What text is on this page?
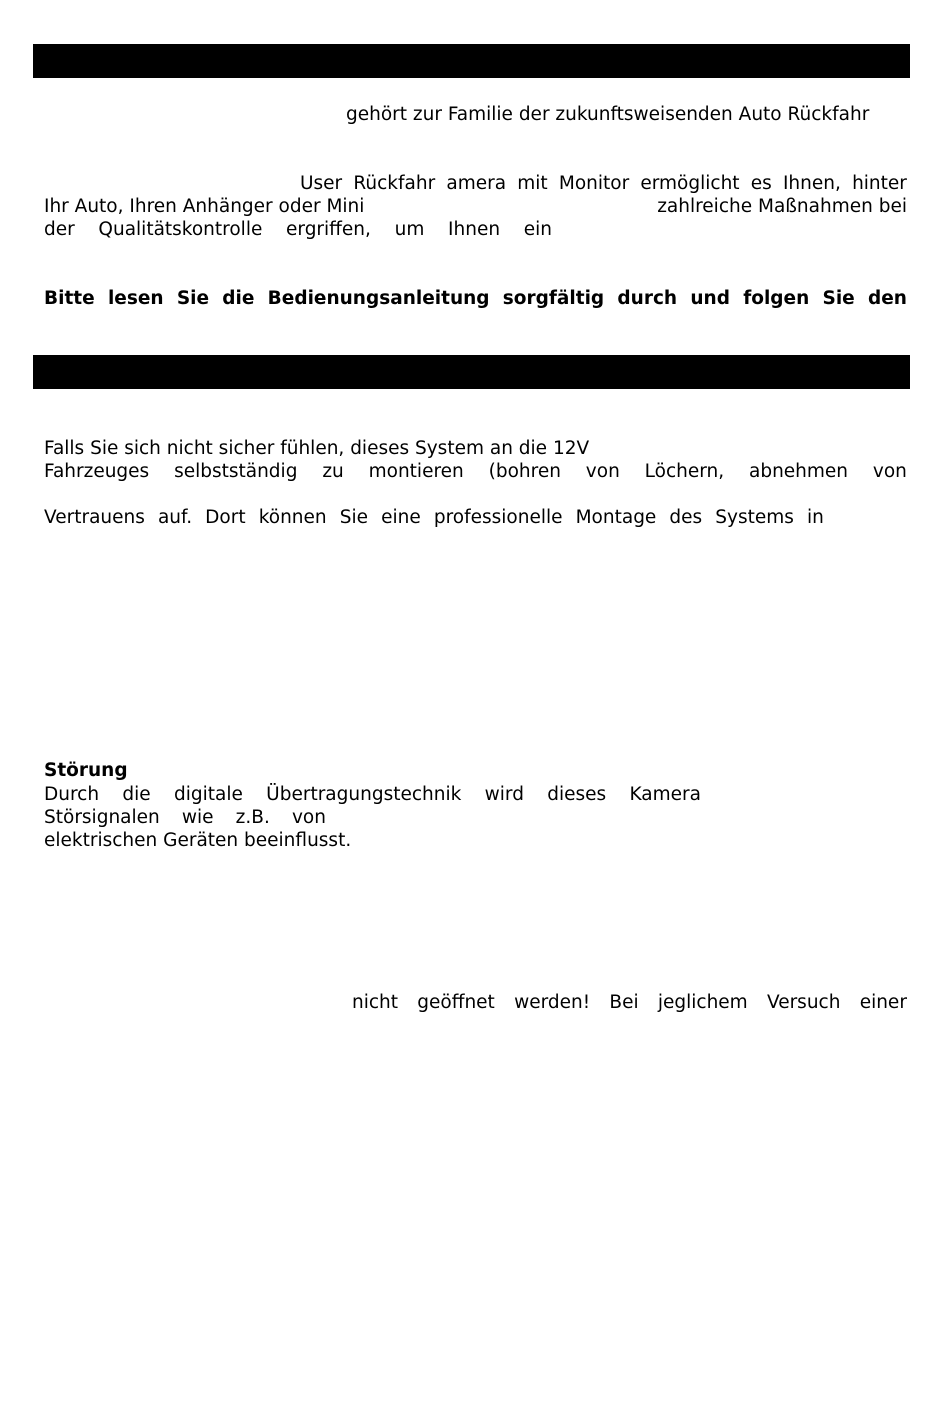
gehört zur Familie der zukunftsweisenden Auto Rückfahr
User Rückfahr amera mit Monitor ermöglicht es Ihnen, hinter
Ihr Auto, Ihren Anhänger oder Mini	zahlreiche Maßnahmen bei
der Qualitätskontrolle ergriffen, um Ihnen ein
Bitte lesen Sie die Bedienungsanleitung sorgfältig durch und folgen Sie den
Falls Sie sich nicht sicher fühlen, dieses System an die 12V
Fahrzeuges selbstständig zu montieren (bohren von Löchern, abnehmen von
Vertrauens auf. Dort können Sie eine professionelle Montage des Systems in
Störung
Durch die digitale Übertragungstechnik wird dieses Kamera
Störsignalen wie z.B. von
elektrischen Geräten beeinflusst.
nicht geöffnet werden! Bei jeglichem Versuch einer
